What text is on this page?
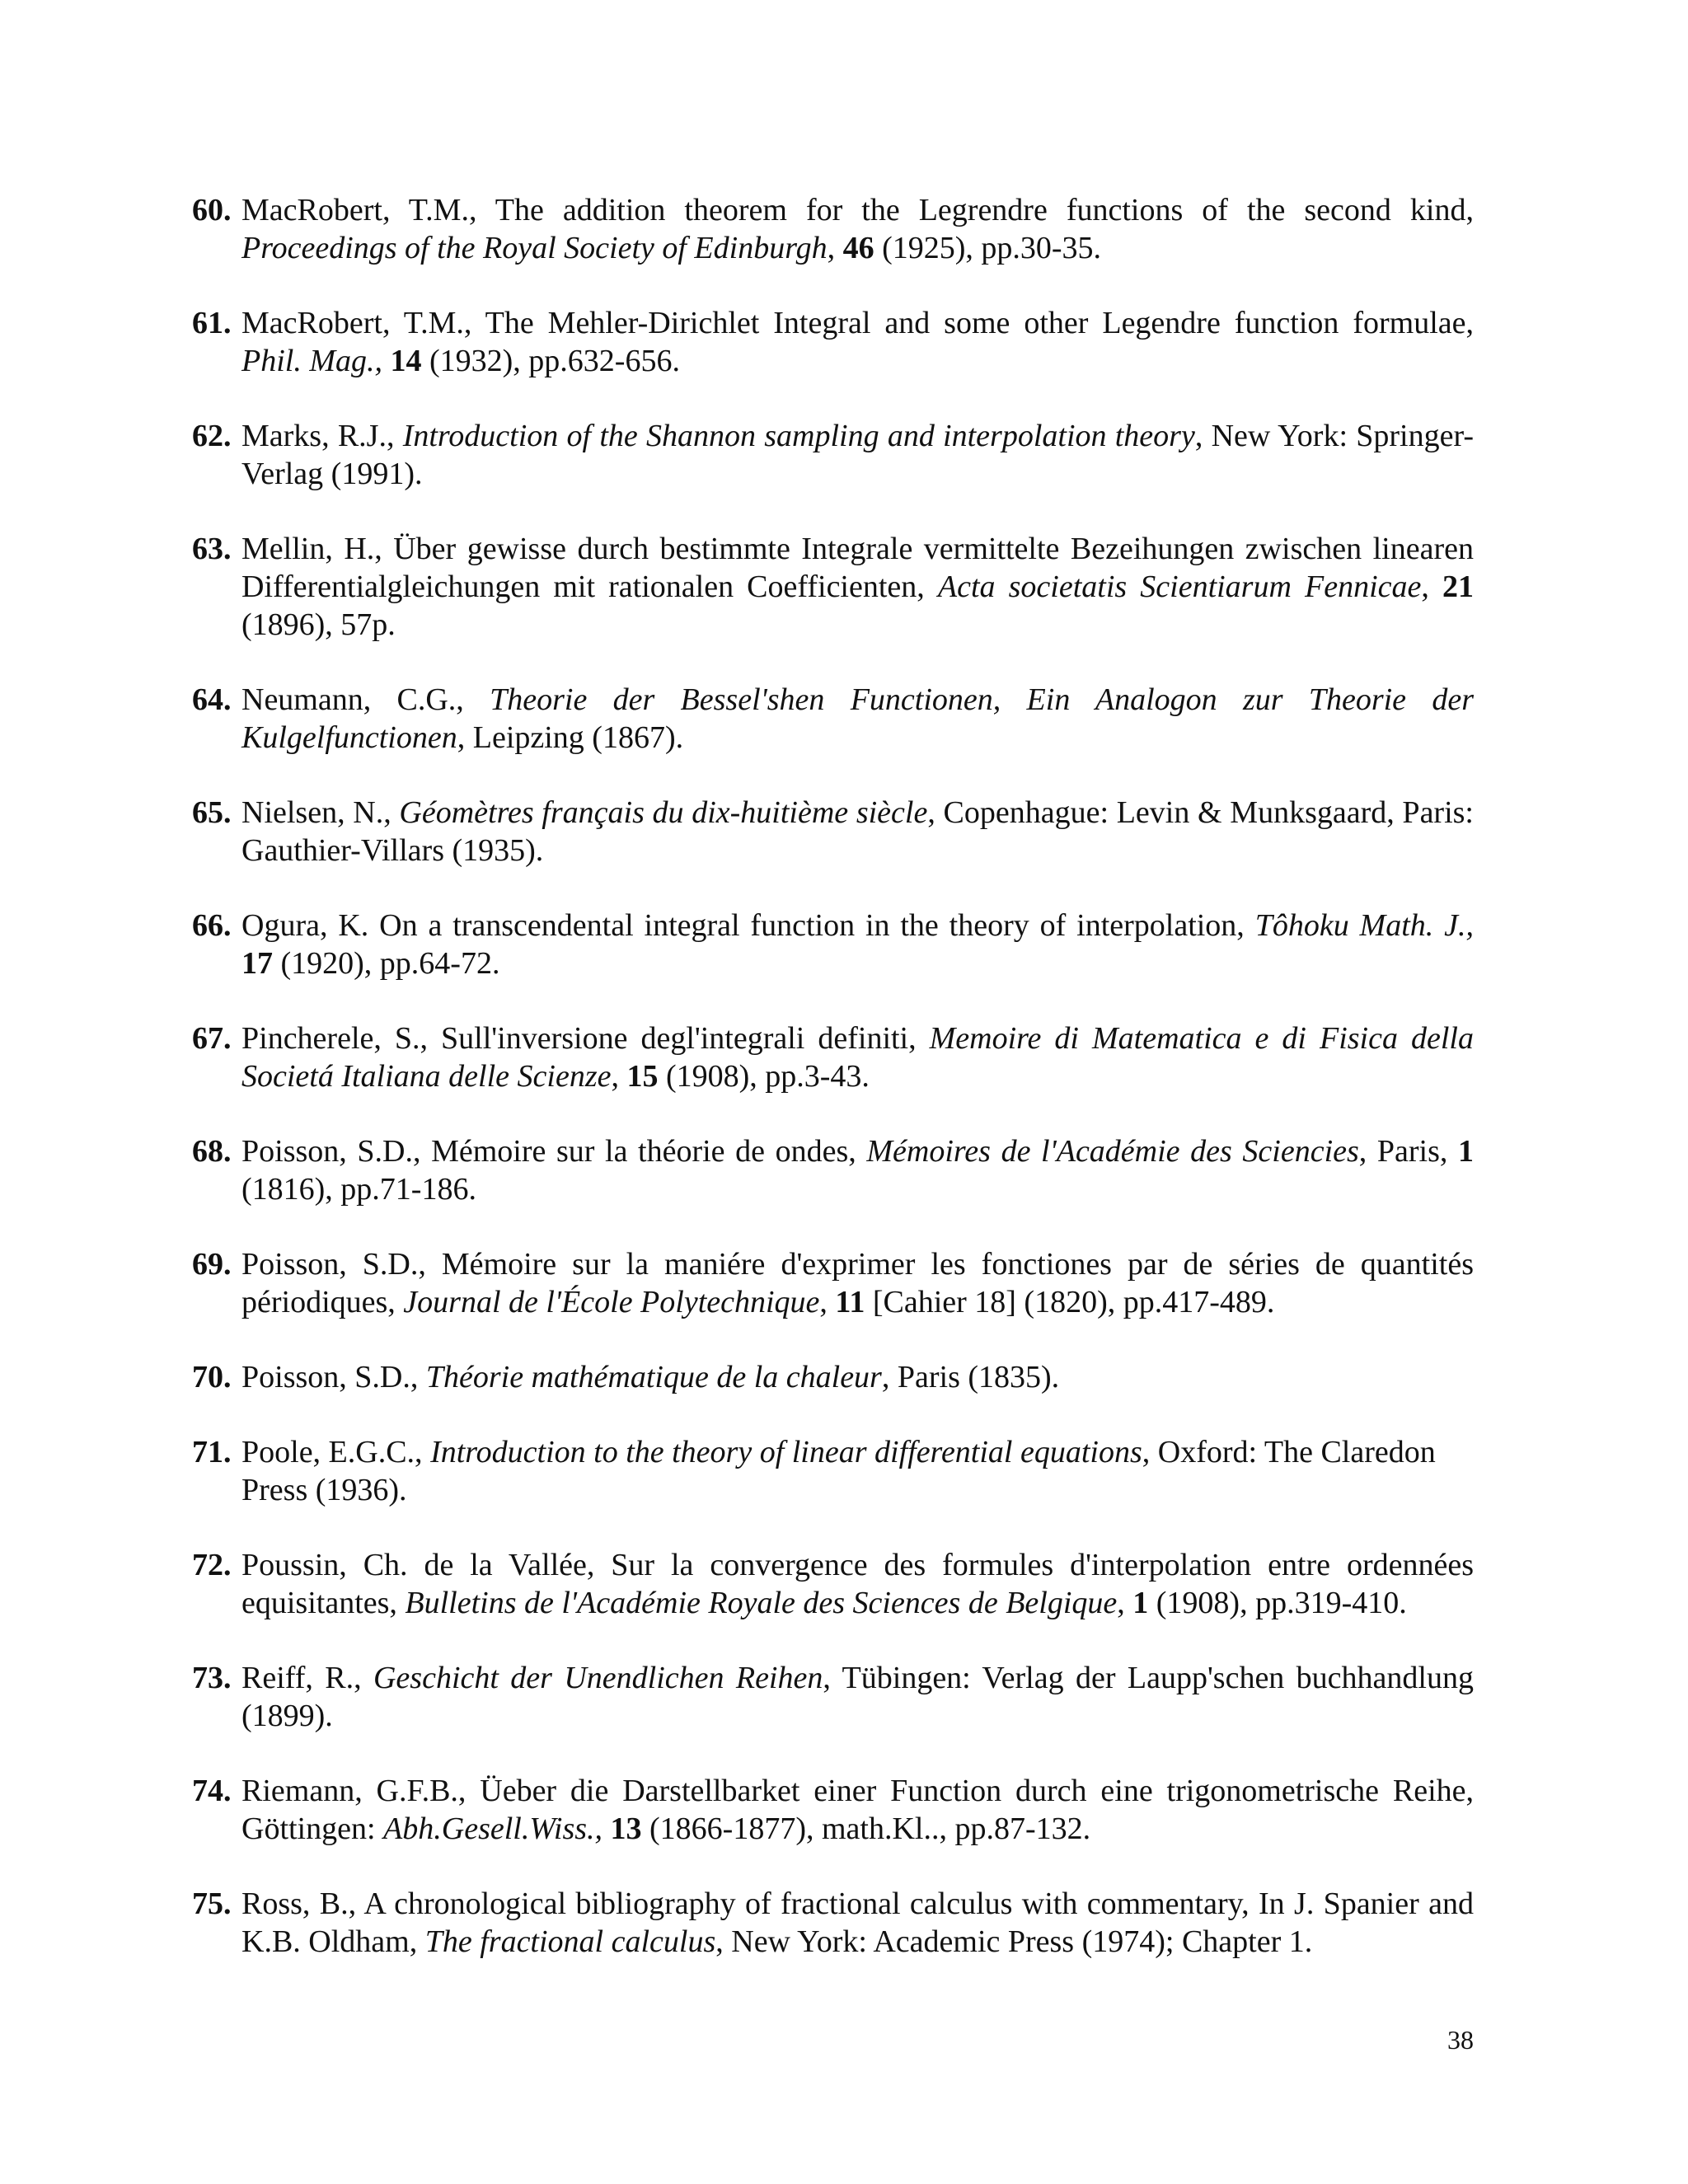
60. MacRobert, T.M., The addition theorem for the Legrendre functions of the second kind, Proceedings of the Royal Society of Edinburgh, 46 (1925), pp.30-35.
61. MacRobert, T.M., The Mehler-Dirichlet Integral and some other Legendre function formulae, Phil. Mag., 14 (1932), pp.632-656.
62. Marks, R.J., Introduction of the Shannon sampling and interpolation theory, New York: Springer-Verlag (1991).
63. Mellin, H., Über gewisse durch bestimmte Integrale vermittelte Bezeihungen zwischen linearen Differentialgleichungen mit rationalen Coefficienten, Acta societatis Scientiarum Fennicae, 21 (1896), 57p.
64. Neumann, C.G., Theorie der Bessel'shen Functionen, Ein Analogon zur Theorie der Kulgelfunctionen, Leipzing (1867).
65. Nielsen, N., Géomètres français du dix-huitième siècle, Copenhague: Levin & Munksgaard, Paris: Gauthier-Villars (1935).
66. Ogura, K. On a transcendental integral function in the theory of interpolation, Tôhoku Math. J., 17 (1920), pp.64-72.
67. Pincherele, S., Sull'inversione degl'integrali definiti, Memoire di Matematica e di Fisica della Societá Italiana delle Scienze, 15 (1908), pp.3-43.
68. Poisson, S.D., Mémoire sur la théorie de ondes, Mémoires de l'Académie des Sciencies, Paris, 1 (1816), pp.71-186.
69. Poisson, S.D., Mémoire sur la maniére d'exprimer les fonctiones par de séries de quantités périodiques, Journal de l'École Polytechnique, 11 [Cahier 18] (1820), pp.417-489.
70. Poisson, S.D., Théorie mathématique de la chaleur, Paris (1835).
71. Poole, E.G.C., Introduction to the theory of linear differential equations, Oxford: The Claredon Press (1936).
72. Poussin, Ch. de la Vallée, Sur la convergence des formules d'interpolation entre ordennées equisitantes, Bulletins de l'Académie Royale des Sciences de Belgique, 1 (1908), pp.319-410.
73. Reiff, R., Geschicht der Unendlichen Reihen, Tübingen: Verlag der Laupp'schen buchhandlung (1899).
74. Riemann, G.F.B., Üeber die Darstellbarket einer Function durch eine trigonometrische Reihe, Göttingen: Abh.Gesell.Wiss., 13 (1866-1877), math.Kl.., pp.87-132.
75. Ross, B., A chronological bibliography of fractional calculus with commentary, In J. Spanier and K.B. Oldham, The fractional calculus, New York: Academic Press (1974); Chapter 1.
38
